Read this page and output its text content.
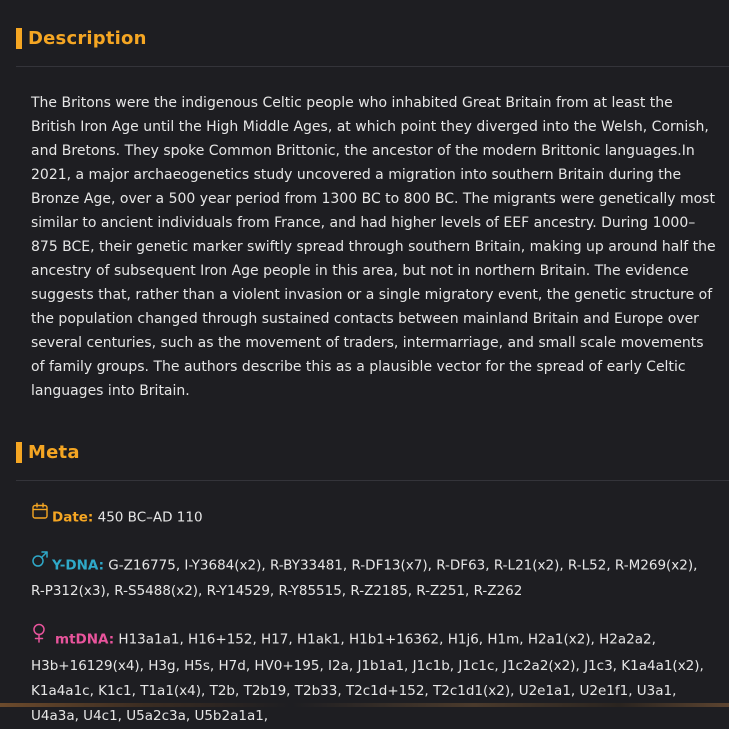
Description

The Britons were the indigenous Celtic people who inhabited Great Britain from at least the British Iron Age until the High Middle Ages, at which point they diverged into the Welsh, Cornish, and Bretons. They spoke Common Brittonic, the ancestor of the modern Brittonic languages.In 2021, a major archaeogenetics study uncovered a migration into southern Britain during the Bronze Age, over a 500 year period from 1300 BC to 800 BC. The migrants were genetically most similar to ancient individuals from France, and had higher levels of EEF ancestry. During 1000–875 BCE, their genetic marker swiftly spread through southern Britain, making up around half the ancestry of subsequent Iron Age people in this area, but not in northern Britain. The evidence suggests that, rather than a violent invasion or a single migratory event, the genetic structure of the population changed through sustained contacts between mainland Britain and Europe over several centuries, such as the movement of traders, intermarriage, and small scale movements of family groups. The authors describe this as a plausible vector for the spread of early Celtic languages into Britain.

Meta
Date: 450 BC–AD 110
Y-DNA: G-Z16775, I-Y3684(x2), R-BY33481, R-DF13(x7), R-DF63, R-L21(x2), R-L52, R-M269(x2), R-P312(x3), R-S5488(x2), R-Y14529, R-Y85515, R-Z2185, R-Z251, R-Z262
mtDNA: H13a1a1, H16+152, H17, H1ak1, H1b1+16362, H1j6, H1m, H2a1(x2), H2a2a2, H3b+16129(x4), H3g, H5s, H7d, HV0+195, I2a, J1b1a1, J1c1b, J1c1c, J1c2a2(x2), J1c3, K1a4a1(x2), K1a4a1c, K1c1, T1a1(x4), T2b, T2b19, T2b33, T2c1d+152, T2c1d1(x2), U2e1a1, U2e1f1, U3a1, U4a3a, U4c1, U5a2c3a, U5b2a1a1,
